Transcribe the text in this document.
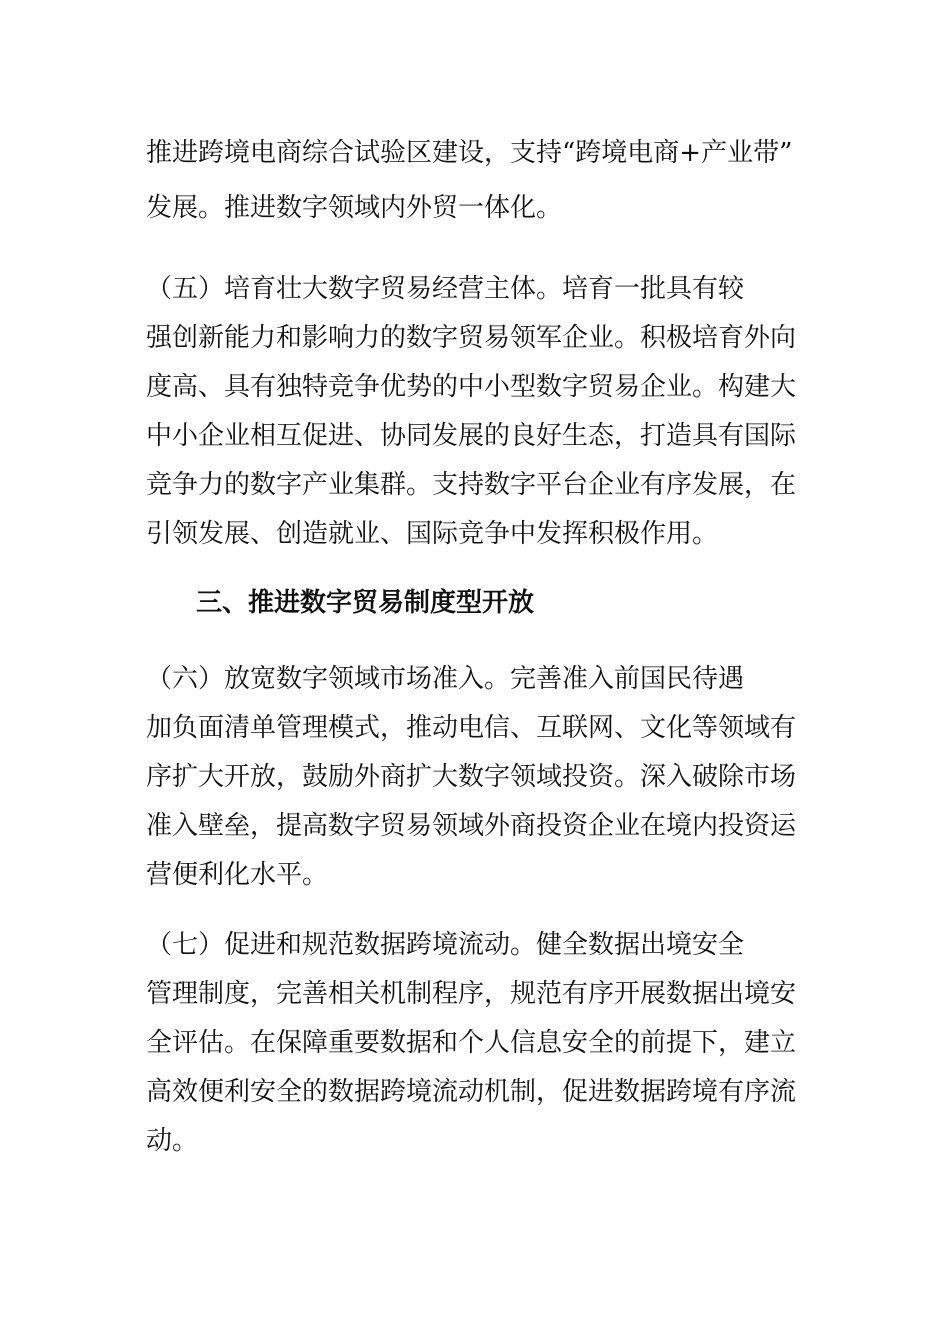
推进跨境电商综合试验区建设，支持“跨境电商+产业带”
发展。推进数字领域内外贸一体化。
（五）培育壮大数字贸易经营主体。培育一批具有较
强创新能力和影响力的数字贸易领军企业。积极培育外向
度高、具有独特竞争优势的中小型数字贸易企业。构建大
中小企业相互促进、协同发展的良好生态，打造具有国际
竞争力的数字产业集群。支持数字平台企业有序发展，在
引领发展、创造就业、国际竞争中发挥积极作用。
三、推进数字贸易制度型开放
（六）放宽数字领域市场准入。完善准入前国民待遇
加负面清单管理模式，推动电信、互联网、文化等领域有
序扩大开放，鼓励外商扩大数字领域投资。深入破除市场
准入壁垒，提高数字贸易领域外商投资企业在境内投资运
营便利化水平。
（七）促进和规范数据跨境流动。健全数据出境安全
管理制度，完善相关机制程序，规范有序开展数据出境安
全评估。在保障重要数据和个人信息安全的前提下，建立
高效便利安全的数据跨境流动机制，促进数据跨境有序流
动。
